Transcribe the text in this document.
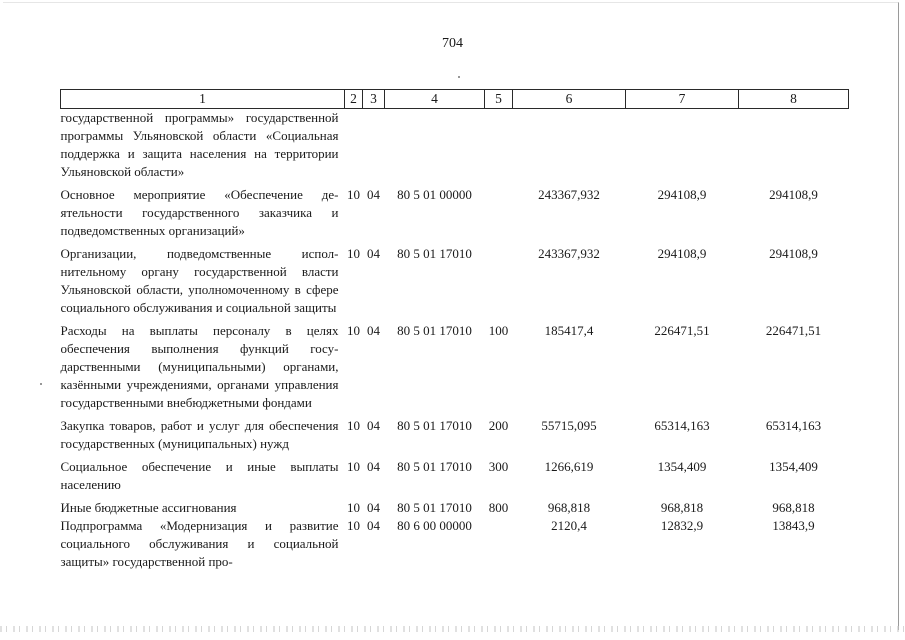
704
1	2	3	4	5	6	7	8
государственной программы» государственной программы Ульяновской области «Социальная поддержка и защита населения на территории Ульяновской области»							
Основное мероприятие «Обеспечение деятельности государственного заказчика и подведомственных организаций»	10	04	80 5 01 00000		243367,932	294108,9	294108,9
Организации, подведомственные исполнительному органу государственной власти Ульяновской области, уполномоченному в сфере социального обслуживания и социальной защиты	10	04	80 5 01 17010		243367,932	294108,9	294108,9
Расходы на выплаты персоналу в целях обеспечения выполнения функций государственными (муниципальными) органами, казёнными учреждениями, органами управления государственными внебюджетными фондами	10	04	80 5 01 17010	100	185417,4	226471,51	226471,51
Закупка товаров, работ и услуг для обеспечения государственных (муниципальных) нужд	10	04	80 5 01 17010	200	55715,095	65314,163	65314,163
Социальное обеспечение и иные выплаты населению	10	04	80 5 01 17010	300	1266,619	1354,409	1354,409
Иные бюджетные ассигнования	10	04	80 5 01 17010	800	968,818	968,818	968,818
Подпрограмма «Модернизация и развитие социального обслуживания и социальной защиты» государственной про-	10	04	80 6 00 00000		2120,4	12832,9	13843,9
